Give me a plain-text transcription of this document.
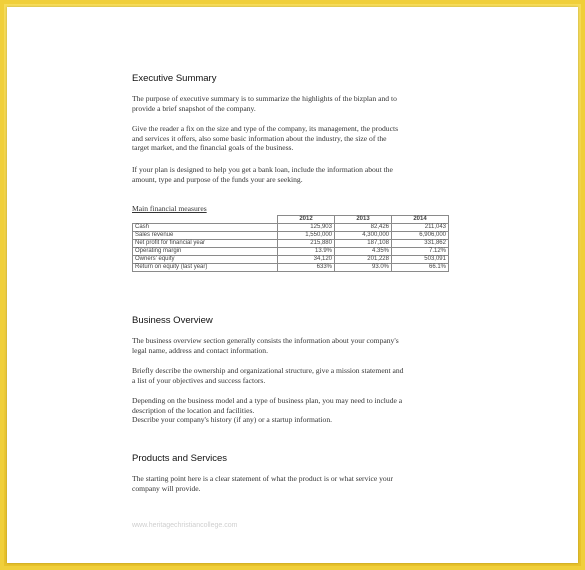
Executive Summary
The purpose of executive summary is to summarize the highlights of the bizplan and to
provide a brief snapshot of the company.
Give the reader a fix on the size and type of the company, its management, the products
and services it offers, also some basic information about the industry, the size of the
target market, and the financial goals of the business.
If your plan is designed to help you get a bank loan, include the information about the
amount, type and purpose of the funds your are seeking.
Main financial measures
	2012	2013	2014
Cash	125,903	82,426	211,043
Sales revenue	1,550,000	4,300,000	6,906,000
Net profit for financial year	215,880	187,108	331,862
Operating margin	13.9%	4.35%	7.12%
Owners' equity	34,120	201,228	503,091
Return on equity (last year)	633%	93.0%	66.1%
Business Overview
The business overview section generally consists the information about your company's
legal name, address and contact information.
Briefly describe the ownership and organizational structure, give a mission statement and
a list of your objectives and success factors.
Depending on the business model and a type of business plan, you may need to include a
description of the location and facilities.
Describe your company's history (if any) or a startup information.
Products and Services
The starting point here is a clear statement of what the product is or what service your
company will provide.
www.heritagechristiancollege.com
